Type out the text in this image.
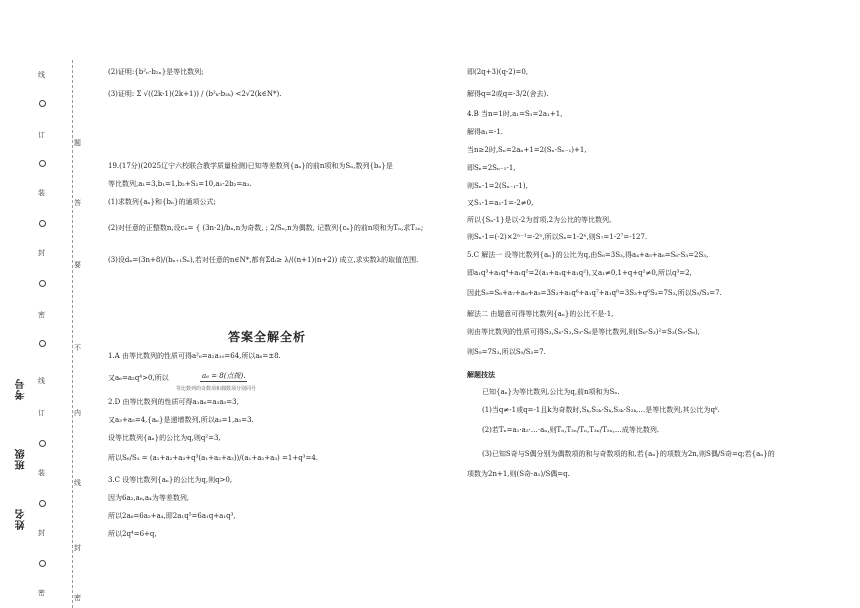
线
订
装
封
密
线
订
装
封
密
题
答
要
不
内
线
封
密
考号
班级
姓名
(2)证明:{b²ₙ-b₂ₙ}是等比数列;
(3)证明: Σ √((2k-1)(2k+1)) / (b²ₖ-b₂ₖ) <2√2(k∈N*).
19.(17分)(2025辽宁六校联合教学质量检测)已知等差数列{aₙ}的前n项和为Sₙ,数列{bₙ}是
等比数列,a₁=3,b₁=1,b₂+S₂=10,a₅-2b₂=a₃.
(1)求数列{aₙ}和{bₙ}的通项公式;
(2)对任意的正整数n,设cₙ= { (3n-2)/bₙ,n为奇数, ; 2/Sₙ,n为偶数, 记数列{cₙ}的前n项和为Tₙ,求T₂ₙ;
(3)设dₙ=(3n+8)/(bₙ₊₁Sₙ),若对任意的n∈N*,都有Σdᵢ≥ λ/((n+1)(n+2)) 成立,求实数λ的取值范围.
答案全解全析
1.A 由等比数列的性质可得a²₆=a₂a₁₀=64,所以a₆=±8.
又a₆=a₂q⁴>0,所以	a₆ = 8(点拨).
等比数列的奇数项和偶数项分别同号
2.D 由等比数列的性质可得a₁a₆=a₃a₅=3,
又a₃+a₅=4,{aₙ}是递增数列,所以a₃=1,a₅=3.
设等比数列{aₙ}的公比为q,则q²=3,
所以S₆/S₃ = (a₁+a₂+a₃+q³(a₁+a₂+a₃))/(a₁+a₂+a₃) =1+q³=4.
3.C 设等比数列{aₙ}的公比为q,则q>0,
因为6a₂,a₆,a₄为等差数列,
所以2a₆=6a₂+a₄,即2a₁q⁵=6a₁q+a₁q³,
所以2q⁴=6+q,
即(2q+3)(q-2)=0,
解得q=2或q=-3/2(舍去).
4.B 当n=1时,a₁=S₁=2a₁+1,
解得a₁=-1.
当n≥2时,Sₙ=2aₙ+1=2(Sₙ-Sₙ₋₁)+1,
即Sₙ=2Sₙ₋₁-1,
则Sₙ-1=2(Sₙ₋₁-1),
又S₁-1=a₁-1=-2≠0,
所以{Sₙ-1}是以-2为首项,2为公比的等比数列,
则Sₙ-1=(-2)×2ⁿ⁻¹=-2ⁿ,所以Sₙ=1-2ⁿ,则S₇=1-2⁷=-127.
5.C 解法一 设等比数列{aₙ}的公比为q,由S₆=3S₃,得a₄+a₅+a₆=S₆-S₃=2S₃,
即a₁q³+a₁q⁴+a₁q⁵=2(a₁+a₁q+a₁q²),又a₁≠0,1+q+q²≠0,所以q³=2,
因此S₉=S₆+a₇+a₈+a₉=3S₃+a₁q⁶+a₁q⁷+a₁q⁸=3S₃+q⁶S₃=7S₃,所以S₉/S₃=7.
解法二 由题意可得等比数列{aₙ}的公比不是-1,
则由等比数列的性质可得S₃,S₆-S₃,S₉-S₆是等比数列,则(S₆-S₃)²=S₃(S₉-S₆),
则S₉=7S₃,所以S₉/S₃=7.
解题技法
已知{aₙ}为等比数列,公比为q,前n项和为Sₙ.
(1)当q≠-1或q=-1且k为奇数时,Sₖ,S₂ₖ-Sₖ,S₃ₖ-S₂ₖ,…是等比数列,其公比为qᵏ.
(2)若Tₙ=a₁·a₂·…·aₙ,则Tₙ,T₂ₙ/Tₙ,T₃ₙ/T₂ₙ,…成等比数列.
(3)已知S奇与S偶分别为偶数项的和与奇数项的和,若{aₙ}的项数为2n,则S偶/S奇=q;若{aₙ}的
项数为2n+1,则(S奇-a₁)/S偶=q.
